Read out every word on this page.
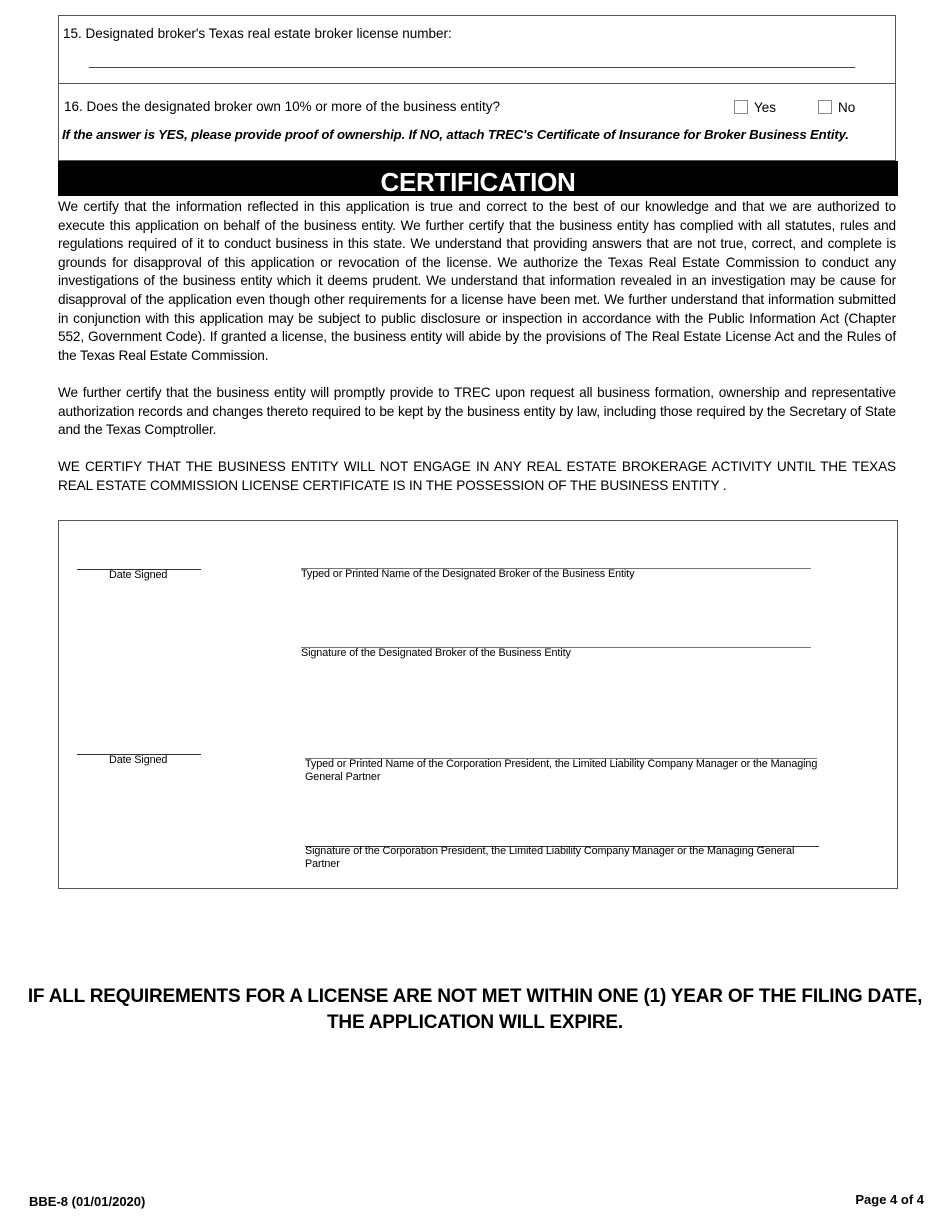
15. Designated broker's Texas real estate broker license number:
16. Does the designated broker own 10% or more of the business entity?	Yes	No
If the answer is YES, please provide proof of ownership. If NO, attach TREC's Certificate of Insurance for Broker Business Entity.
CERTIFICATION
We certify that the information reflected in this application is true and correct to the best of our knowledge and that we are authorized to execute this application on behalf of the business entity. We further certify that the business entity has complied with all statutes, rules and regulations required of it to conduct business in this state. We understand that providing answers that are not true, correct, and complete is grounds for disapproval of this application or revocation of the license. We authorize the Texas Real Estate Commission to conduct any investigations of the business entity which it deems prudent. We understand that information revealed in an investigation may be cause for disapproval of the application even though other requirements for a license have been met. We further understand that information submitted in conjunction with this application may be subject to public disclosure or inspection in accordance with the Public Information Act (Chapter 552, Government Code). If granted a license, the business entity will abide by the provisions of The Real Estate License Act and the Rules of the Texas Real Estate Commission.
We further certify that the business entity will promptly provide to TREC upon request all business formation, ownership and representative authorization records and changes thereto required to be kept by the business entity by law, including those required by the Secretary of State and the Texas Comptroller.
WE CERTIFY THAT THE BUSINESS ENTITY WILL NOT ENGAGE IN ANY REAL ESTATE BROKERAGE ACTIVITY UNTIL THE TEXAS REAL ESTATE COMMISSION LICENSE CERTIFICATE IS IN THE POSSESSION OF THE BUSINESS ENTITY .
Date Signed	Typed or Printed Name of the Designated Broker of the Business Entity
Signature of the Designated Broker of the Business Entity
Date Signed	Typed or Printed Name of the Corporation President, the Limited Liability Company Manager or the Managing General Partner
Signature of the Corporation President, the Limited Liability Company Manager or the Managing General Partner
IF ALL REQUIREMENTS FOR A LICENSE ARE NOT MET WITHIN ONE (1) YEAR OF THE FILING DATE, THE APPLICATION WILL EXPIRE.
BBE-8 (01/01/2020)	Page 4 of 4
